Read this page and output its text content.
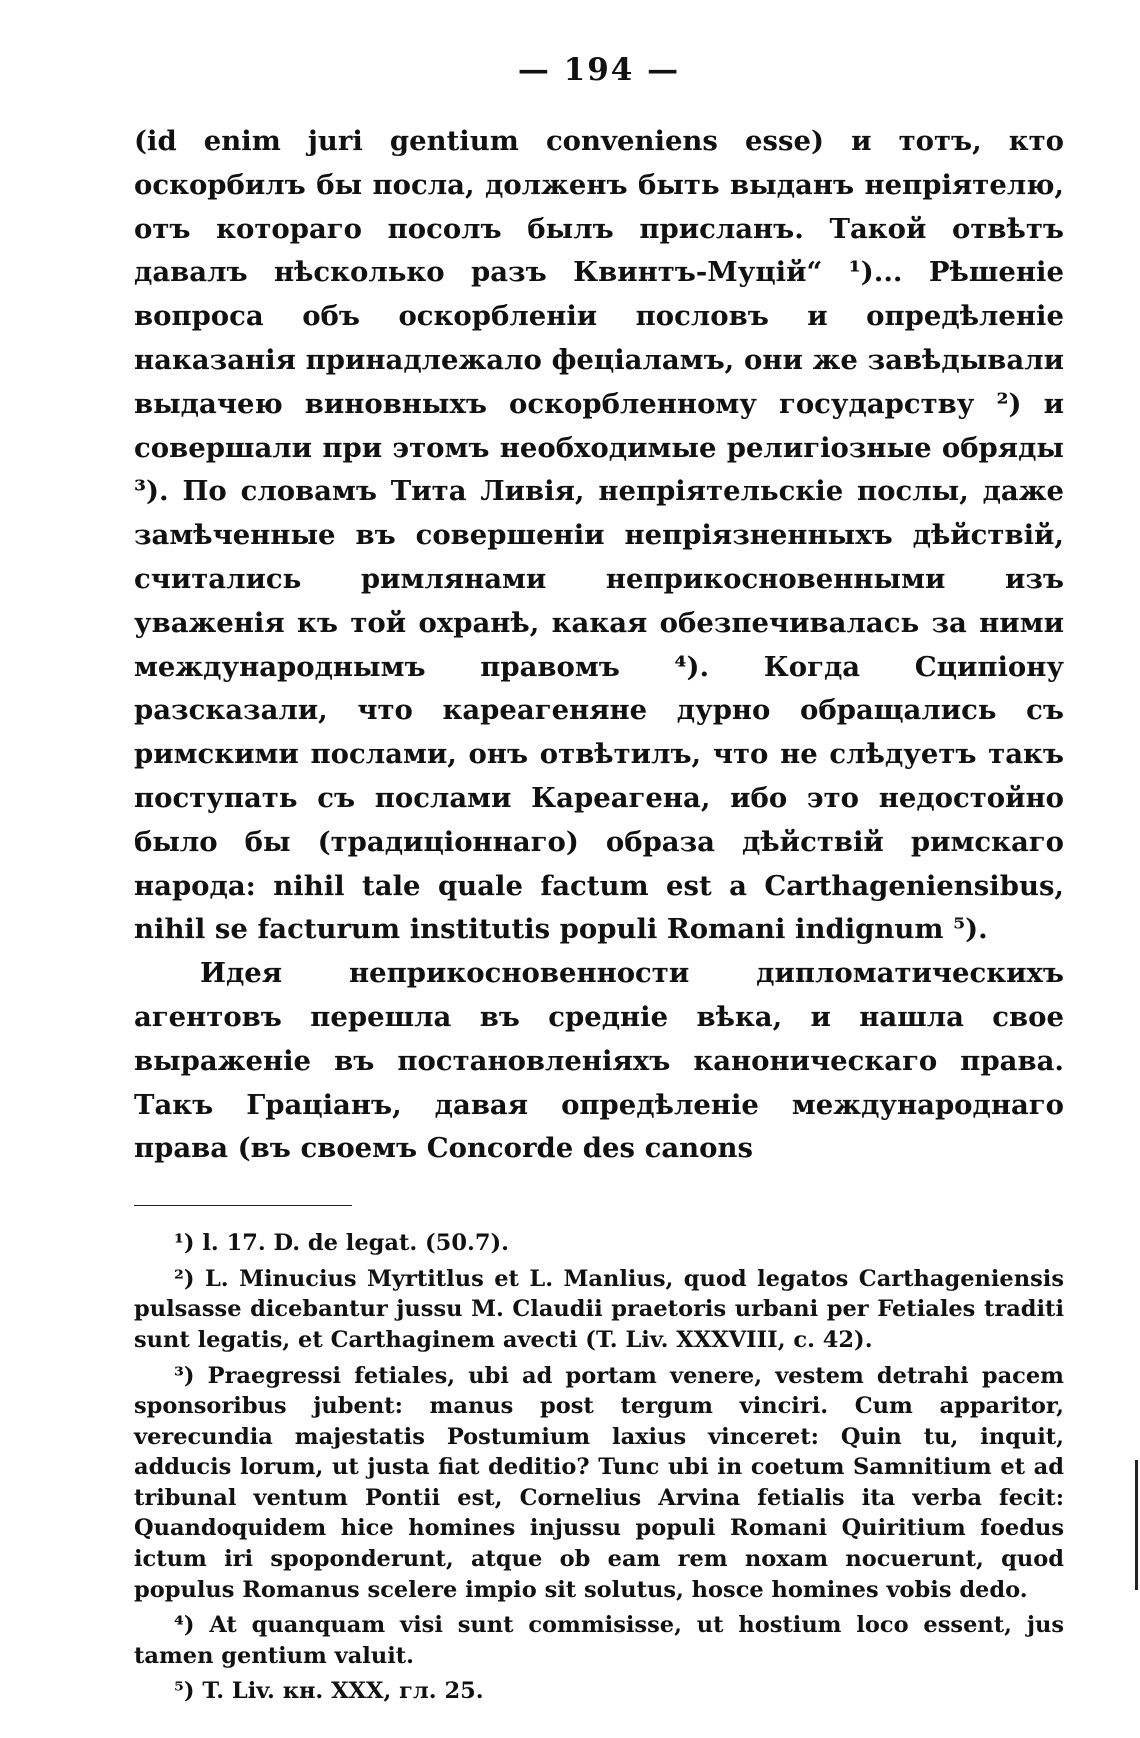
— 194 —

(id enim juri gentium conveniens esse) и тотъ, кто оскорбилъ бы посла, долженъ быть выданъ непріятелю, отъ котораго посолъ былъ присланъ. Такой отвѣтъ давалъ нѣсколько разъ Квинтъ-Муцій“ ¹)... Рѣшеніе вопроса объ оскорбленіи пословъ и опредѣленіе наказанія принадлежало феціаламъ, они же завѣдывали выдачею виновныхъ оскорбленному государству ²) и совершали при этомъ необходимые религіозные обряды ³). По словамъ Тита Ливія, непріятельскіе послы, даже замѣченные въ совершеніи непріязненныхъ дѣйствій, считались римлянами неприкосновенными изъ уваженія къ той охранѣ, какая обезпечивалась за ними международнымъ правомъ ⁴). Когда Сципіону разсказали, что кареагеняне дурно обращались съ римскими послами, онъ отвѣтилъ, что не слѣдуетъ такъ поступать съ послами Кареагена, ибо это недостойно было бы (традиціоннаго) образа дѣйствій римскаго народа: nihil tale quale factum est a Carthageniensibus, nihil se facturum institutis populi Romani indignum ⁵).

Идея неприкосновенности дипломатическихъ агентовъ перешла въ средніе вѣка, и нашла свое выраженіе въ постановленіяхъ каноническаго права. Такъ Граціанъ, давая опредѣленіе международнаго права (въ своемъ Concorde des canons

¹) l. 17. D. de legat. (50.7).

²) L. Minucius Myrtitlus et L. Manlius, quod legatos Carthageniensis pulsasse dicebantur jussu M. Claudii praetoris urbani per Fetiales traditi sunt legatis, et Carthaginem avecti (T. Liv. XXXVIII, c. 42).

³) Praegressi fetiales, ubi ad portam venere, vestem detrahi pacem sponsoribus jubent: manus post tergum vinciri. Cum apparitor, verecundia majestatis Postumium laxius vinceret: Quin tu, inquit, adducis lorum, ut justa fiat deditio? Tunc ubi in coetum Samnitium et ad tribunal ventum Pontii est, Cornelius Arvina fetialis ita verba fecit: Quandoquidem hice homines injussu populi Romani Quiritium foedus ictum iri spoponderunt, atque ob eam rem noxam nocuerunt, quod populus Romanus scelere impio sit solutus, hosce homines vobis dedo.

⁴) At quanquam visi sunt commisisse, ut hostium loco essent, jus tamen gentium valuit.

⁵) T. Liv. кн. XXX, гл. 25.
